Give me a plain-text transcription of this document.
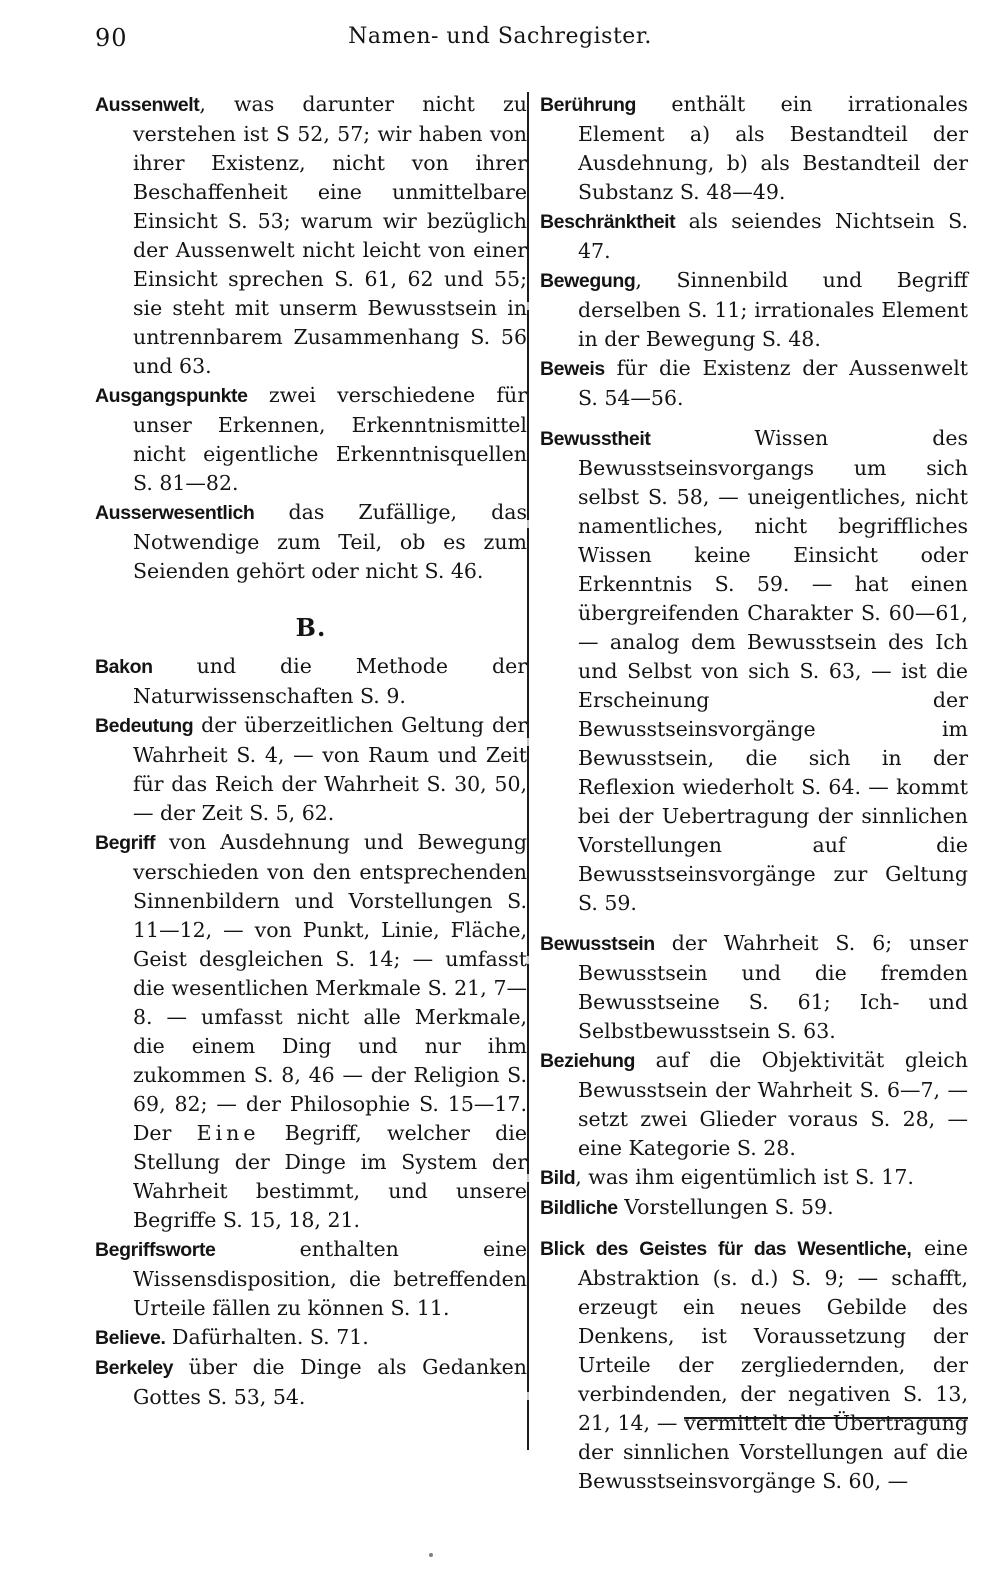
90	Namen- und Sachregister.

Aussenwelt, was darunter nicht zu verstehen ist S 52, 57; wir haben von ihrer Existenz, nicht von ihrer Beschaffenheit eine unmittelbare Einsicht S. 53; warum wir bezüglich der Aussenwelt nicht leicht von einer Einsicht sprechen S. 61, 62 und 55; sie steht mit unserm Bewusstsein in untrennbarem Zusammenhang S. 56 und 63.

Ausgangspunkte zwei verschiedene für unser Erkennen, Erkenntnismittel nicht eigentliche Erkenntnisquellen S. 81—82.

Ausserwesentlich das Zufällige, das Notwendige zum Teil, ob es zum Seienden gehört oder nicht S. 46.

B.

Bakon und die Methode der Naturwissenschaften S. 9.

Bedeutung der überzeitlichen Geltung der Wahrheit S. 4, — von Raum und Zeit für das Reich der Wahrheit S. 30, 50, — der Zeit S. 5, 62.

Begriff von Ausdehnung und Bewegung verschieden von den entsprechenden Sinnenbildern und Vorstellungen S. 11—12, — von Punkt, Linie, Fläche, Geist desgleichen S. 14; — umfasst die wesentlichen Merkmale S. 21, 7—8. — umfasst nicht alle Merkmale, die einem Ding und nur ihm zukommen S. 8, 46 — der Religion S. 69, 82; — der Philosophie S. 15—17. Der Eine Begriff, welcher die Stellung der Dinge im System der Wahrheit bestimmt, und unsere Begriffe S. 15, 18, 21.

Begriffsworte enthalten eine Wissensdisposition, die betreffenden Urteile fällen zu können S. 11.

Believe. Dafürhalten. S. 71.

Berkeley über die Dinge als Gedanken Gottes S. 53, 54.

Berührung enthält ein irrationales Element a) als Bestandteil der Ausdehnung, b) als Bestandteil der Substanz S. 48—49.

Beschränktheit als seiendes Nichtsein S. 47.

Bewegung, Sinnenbild und Begriff derselben S. 11; irrationales Element in der Bewegung S. 48.

Beweis für die Existenz der Aussenwelt S. 54—56.

Bewusstheit Wissen des Bewusstseinsvorgangs um sich selbst S. 58, — uneigentliches, nicht namentliches, nicht begriffliches Wissen keine Einsicht oder Erkenntnis S. 59. — hat einen übergreifenden Charakter S. 60—61, — analog dem Bewusstsein des Ich und Selbst von sich S. 63, — ist die Erscheinung der Bewusstseinsvorgänge im Bewusstsein, die sich in der Reflexion wiederholt S. 64. — kommt bei der Uebertragung der sinnlichen Vorstellungen auf die Bewusstseinsvorgänge zur Geltung S. 59.

Bewusstsein der Wahrheit S. 6; unser Bewusstsein und die fremden Bewusstseine S. 61; Ich- und Selbstbewusstsein S. 63.

Beziehung auf die Objektivität gleich Bewusstsein der Wahrheit S. 6—7, — setzt zwei Glieder voraus S. 28, — eine Kategorie S. 28.

Bild, was ihm eigentümlich ist S. 17.

Bildliche Vorstellungen S. 59.

Blick des Geistes für das Wesentliche, eine Abstraktion (s. d.) S. 9; — schafft, erzeugt ein neues Gebilde des Denkens, ist Voraussetzung der Urteile der zergliedernden, der verbindenden, der negativen S. 13, 21, 14, — vermittelt die Übertragung der sinnlichen Vorstellungen auf die Bewusstseinsvorgänge S. 60, —
